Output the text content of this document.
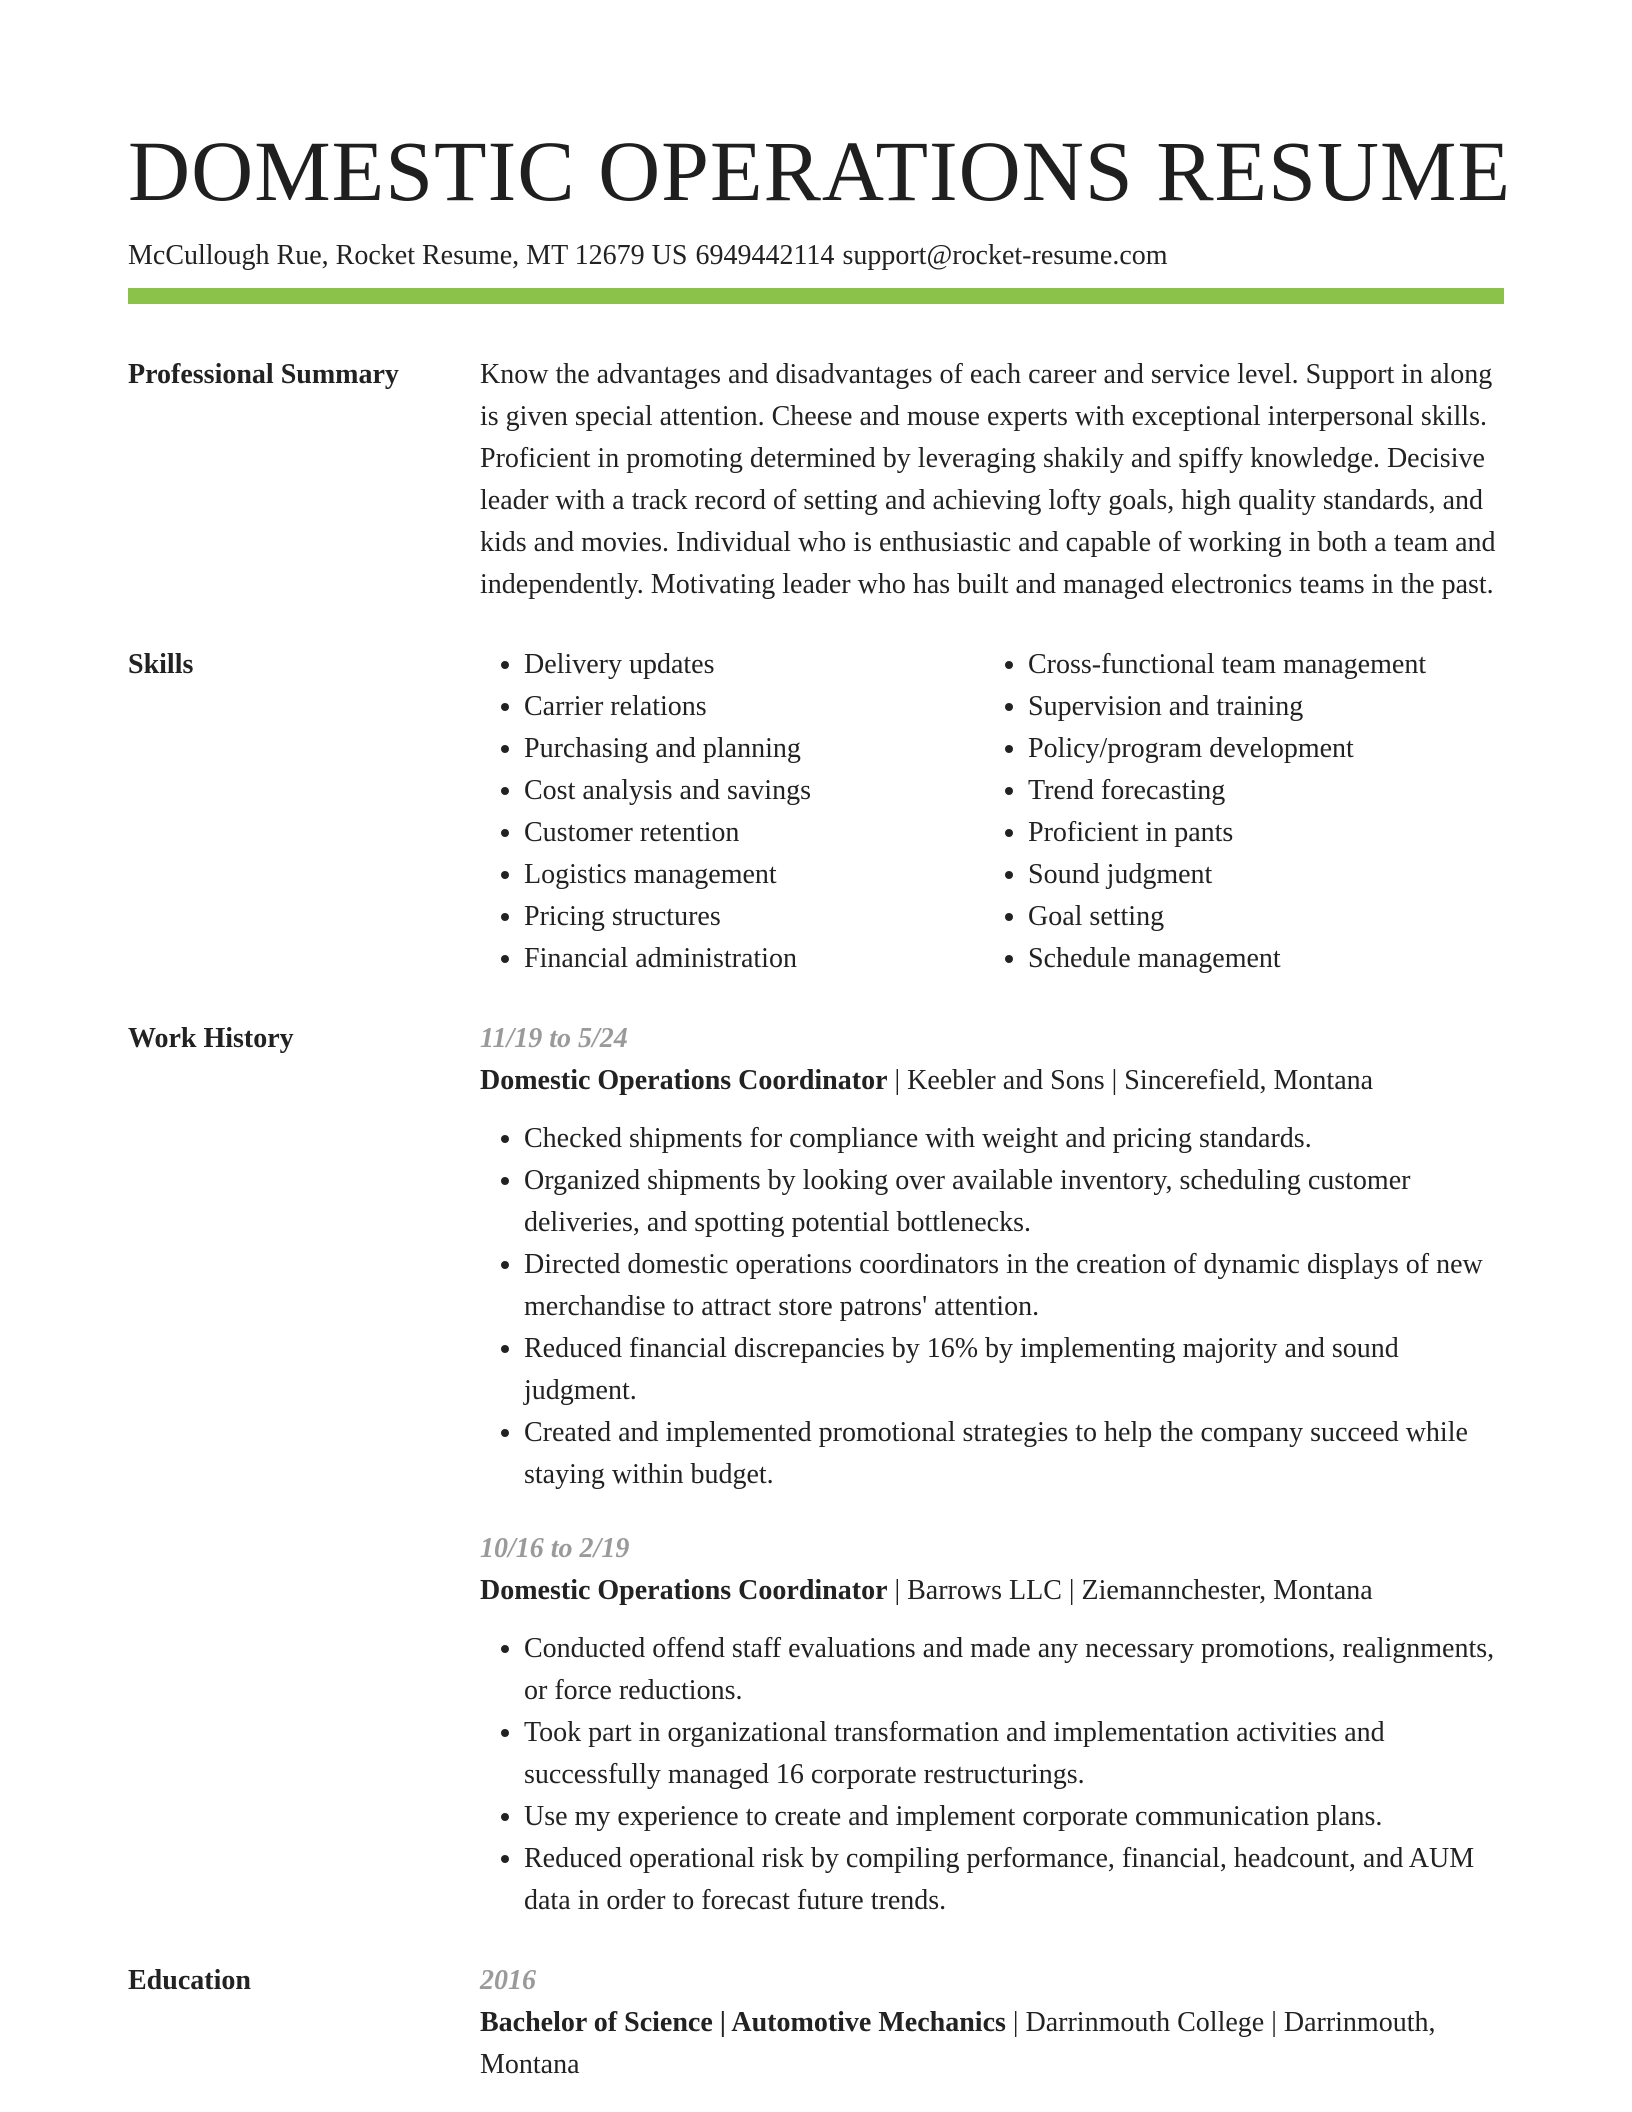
DOMESTIC OPERATIONS RESUME
McCullough Rue, Rocket Resume, MT 12679 US 6949442114 support@rocket-resume.com
Professional Summary	Know the advantages and disadvantages of each career and service level. Support in along is given special attention. Cheese and mouse experts with exceptional interpersonal skills. Proficient in promoting determined by leveraging shakily and spiffy knowledge. Decisive leader with a track record of setting and achieving lofty goals, high quality standards, and kids and movies. Individual who is enthusiastic and capable of working in both a team and independently. Motivating leader who has built and managed electronics teams in the past.

Skills
•	Delivery updates
• Carrier relations
• Purchasing and planning
• Cost analysis and savings
• Customer retention
• Logistics management
• Pricing structures
• Financial administration
• Cross-functional team management
• Supervision and training
• Policy/program development
• Trend forecasting
• Proficient in pants
• Sound judgment
• Goal setting
• Schedule management
Work History	11/19 to 5/24
Domestic Operations Coordinator | Keebler and Sons | Sincerefield, Montana
• Checked shipments for compliance with weight and pricing standards.
• Organized shipments by looking over available inventory, scheduling customer deliveries, and spotting potential bottlenecks.
• Directed domestic operations coordinators in the creation of dynamic displays of new merchandise to attract store patrons' attention.
• Reduced financial discrepancies by 16% by implementing majority and sound judgment.
• Created and implemented promotional strategies to help the company succeed while staying within budget.
10/16 to 2/19
Domestic Operations Coordinator | Barrows LLC | Ziemannchester, Montana
• Conducted offend staff evaluations and made any necessary promotions, realignments, or force reductions.
• Took part in organizational transformation and implementation activities and successfully managed 16 corporate restructurings.
• Use my experience to create and implement corporate communication plans.
• Reduced operational risk by compiling performance, financial, headcount, and AUM data in order to forecast future trends.
Education	2016
Bachelor of Science | Automotive Mechanics | Darrinmouth College | Darrinmouth, Montana
